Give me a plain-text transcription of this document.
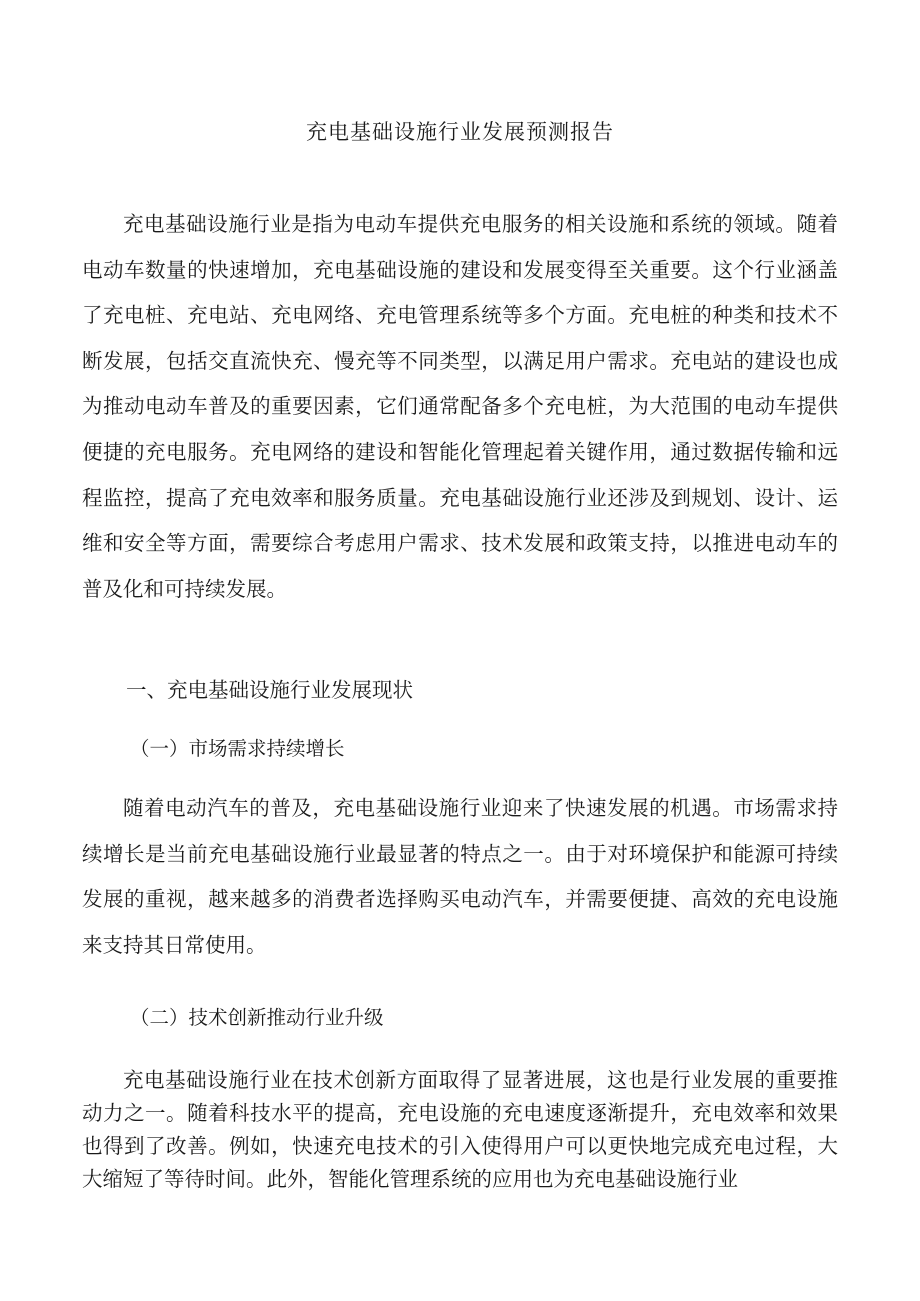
充电基础设施行业发展预测报告

充电基础设施行业是指为电动车提供充电服务的相关设施和系统的领域。随着电动车数量的快速增加，充电基础设施的建设和发展变得至关重要。这个行业涵盖了充电桩、充电站、充电网络、充电管理系统等多个方面。充电桩的种类和技术不断发展，包括交直流快充、慢充等不同类型，以满足用户需求。充电站的建设也成为推动电动车普及的重要因素，它们通常配备多个充电桩，为大范围的电动车提供便捷的充电服务。充电网络的建设和智能化管理起着关键作用，通过数据传输和远程监控，提高了充电效率和服务质量。充电基础设施行业还涉及到规划、设计、运维和安全等方面，需要综合考虑用户需求、技术发展和政策支持，以推进电动车的普及化和可持续发展。

一、充电基础设施行业发展现状
（一）市场需求持续增长

随着电动汽车的普及，充电基础设施行业迎来了快速发展的机遇。市场需求持续增长是当前充电基础设施行业最显著的特点之一。由于对环境保护和能源可持续发展的重视，越来越多的消费者选择购买电动汽车，并需要便捷、高效的充电设施来支持其日常使用。

（二）技术创新推动行业升级

充电基础设施行业在技术创新方面取得了显著进展，这也是行业发展的重要推动力之一。随着科技水平的提高，充电设施的充电速度逐渐提升，充电效率和效果也得到了改善。例如，快速充电技术的引入使得用户可以更快地完成充电过程，大大缩短了等待时间。此外，智能化管理系统的应用也为充电基础设施行业
